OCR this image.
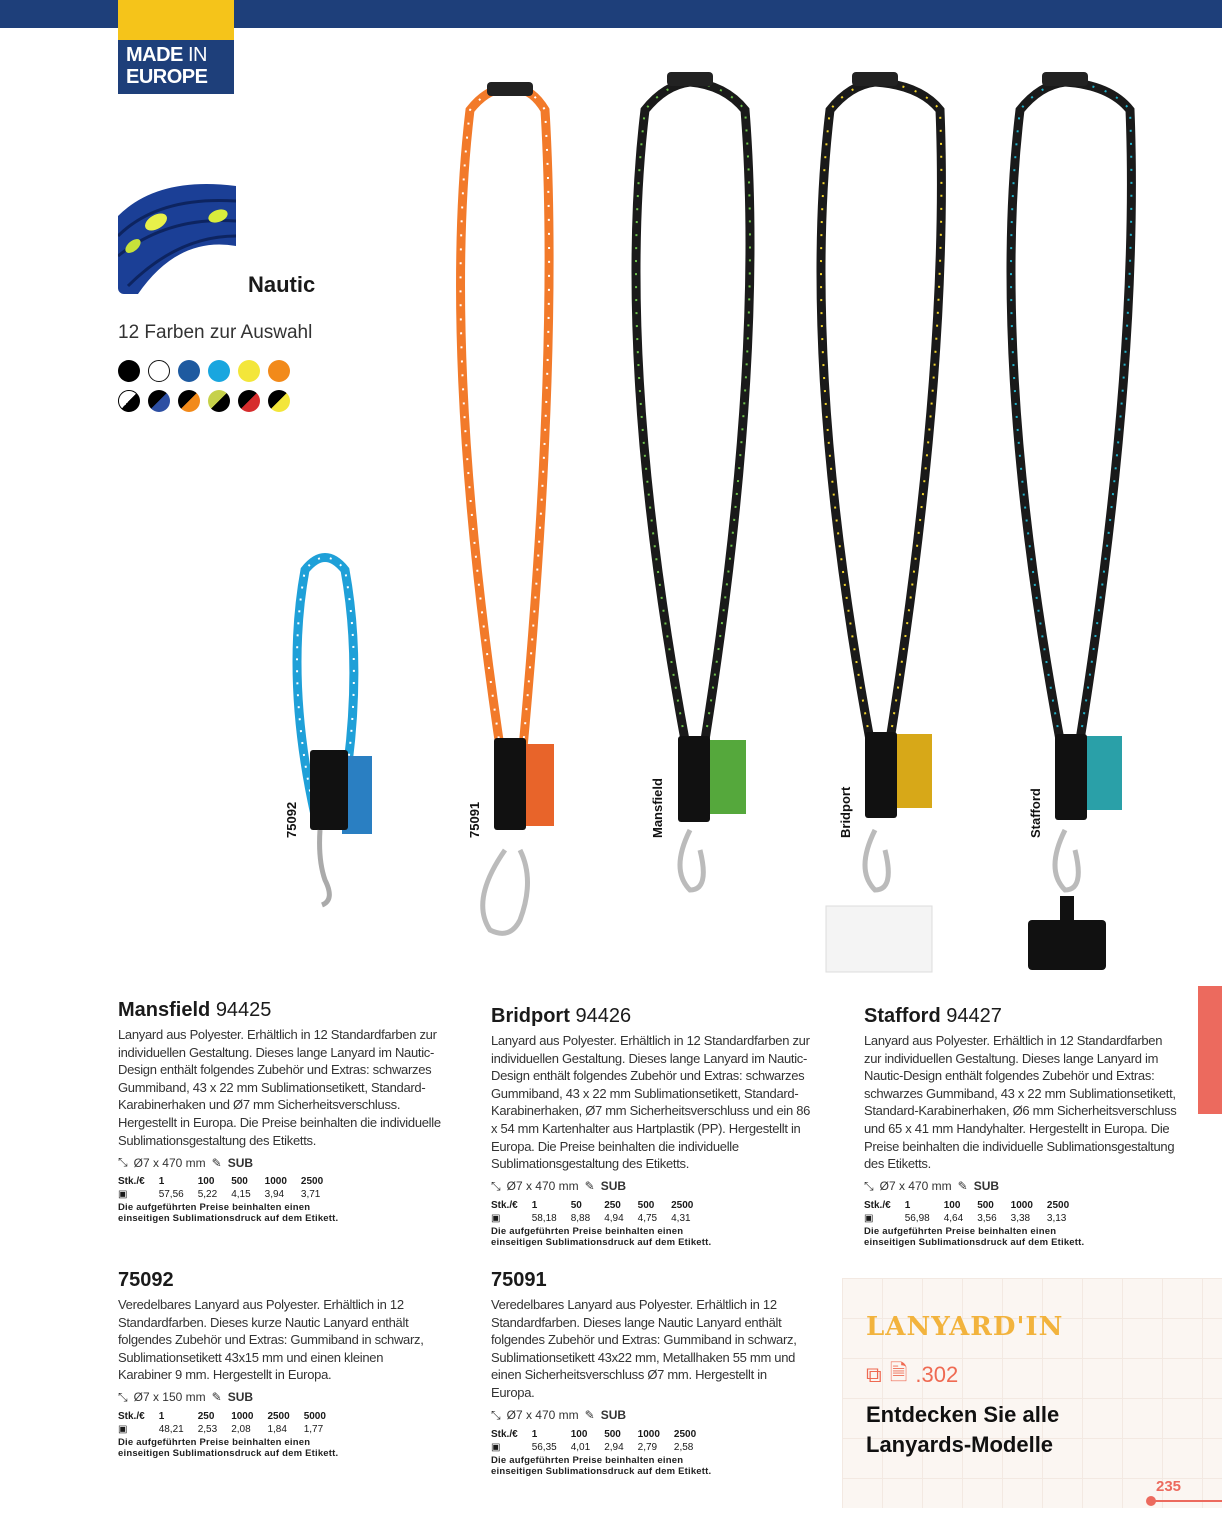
MADE IN
EUROPE
Nautic
12 Farben zur Auswahl
75092	75091	Mansfield	Bridport	Stafford
Mansfield 94425
Lanyard aus Polyester. Erhältlich in 12 Standardfarben zur individuellen Gestaltung. Dieses lange Lanyard im Nautic-Design enthält folgendes Zubehör und Extras: schwarzes Gummiband, 43 x 22 mm Sublimationsetikett, Standard-Karabinerhaken und Ø7 mm Sicherheitsverschluss. Hergestellt in Europa. Die Preise beinhalten die individuelle Sublimationsgestaltung des Etiketts.
⤡ Ø7 x 470 mm ✎ SUB
Stk./€	1	100	500	1000	2500
▣	57,56	5,22	4,15	3,94	3,71
Die aufgeführten Preise beinhalten einen einseitigen Sublimationsdruck auf dem Etikett.
Bridport 94426
Lanyard aus Polyester. Erhältlich in 12 Standardfarben zur individuellen Gestaltung. Dieses lange Lanyard im Nautic-Design enthält folgendes Zubehör und Extras: schwarzes Gummiband, 43 x 22 mm Sublimationsetikett, Standard-Karabinerhaken, Ø7 mm Sicherheitsverschluss und ein 86 x 54 mm Kartenhalter aus Hartplastik (PP). Hergestellt in Europa. Die Preise beinhalten die individuelle Sublimationsgestaltung des Etiketts.
⤡ Ø7 x 470 mm ✎ SUB
Stk./€	1	50	250	500	2500
▣	58,18	8,88	4,94	4,75	4,31
Die aufgeführten Preise beinhalten einen einseitigen Sublimationsdruck auf dem Etikett.
Stafford 94427
Lanyard aus Polyester. Erhältlich in 12 Standardfarben zur individuellen Gestaltung. Dieses lange Lanyard im Nautic-Design enthält folgendes Zubehör und Extras: schwarzes Gummiband, 43 x 22 mm Sublimationsetikett, Standard-Karabinerhaken, Ø6 mm Sicherheitsverschluss und 65 x 41 mm Handyhalter. Hergestellt in Europa. Die Preise beinhalten die individuelle Sublimationsgestaltung des Etiketts.
⤡ Ø7 x 470 mm ✎ SUB
Stk./€	1	100	500	1000	2500
▣	56,98	4,64	3,56	3,38	3,13
Die aufgeführten Preise beinhalten einen einseitigen Sublimationsdruck auf dem Etikett.
75092
Veredelbares Lanyard aus Polyester. Erhältlich in 12 Standardfarben. Dieses kurze Nautic Lanyard enthält folgendes Zubehör und Extras: Gummiband in schwarz, Sublimationsetikett 43x15 mm und einen kleinen Karabiner 9 mm. Hergestellt in Europa.
⤡ Ø7 x 150 mm ✎ SUB
Stk./€	1	250	1000	2500	5000
▣	48,21	2,53	2,08	1,84	1,77
Die aufgeführten Preise beinhalten einen einseitigen Sublimationsdruck auf dem Etikett.
75091
Veredelbares Lanyard aus Polyester. Erhältlich in 12 Standardfarben. Dieses lange Nautic Lanyard enthält folgendes Zubehör und Extras: Gummiband in schwarz, Sublimationsetikett 43x22 mm, Metallhaken 55 mm und einen Sicherheitsverschluss Ø7 mm. Hergestellt in Europa.
⤡ Ø7 x 470 mm ✎ SUB
Stk./€	1	100	500	1000	2500
▣	56,35	4,01	2,94	2,79	2,58
Die aufgeführten Preise beinhalten einen einseitigen Sublimationsdruck auf dem Etikett.
LANYARD'IN
⧉ 🗎 .302
Entdecken Sie alle
Lanyards-Modelle
235
